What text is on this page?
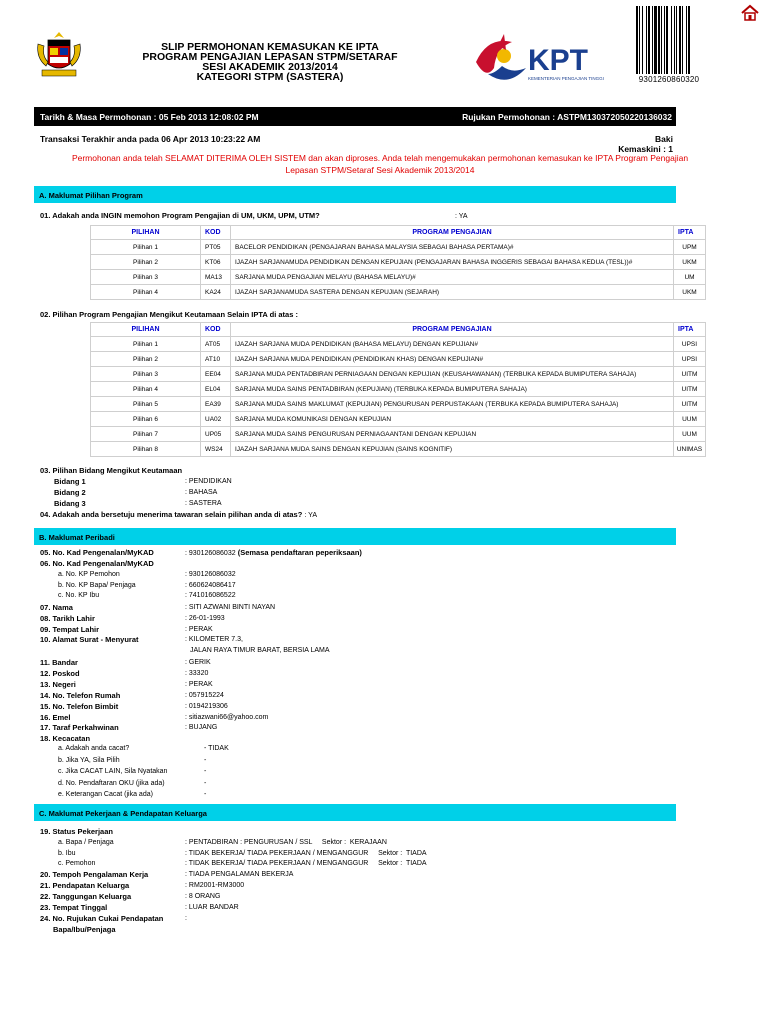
SLIP PERMOHONAN KEMASUKAN KE IPTA
PROGRAM PENGAJIAN LEPASAN STPM/SETARAF
SESI AKADEMIK 2013/2014
KATEGORI STPM (SASTERA)	KPT
KEMENTERIAN PENGAJIAN TINGGI	9301260860320
Tarikh & Masa Permohonan : 05 Feb 2013 12:08:02 PM	Rujukan Permohonan : ASTPM130372050220136032
Transaksi Terakhir anda pada 06 Apr 2013 10:23:22 AM	Baki Kemaskini : 1
Permohonan anda telah SELAMAT DITERIMA OLEH SISTEM dan akan diproses. Anda telah mengemukakan permohonan kemasukan ke IPTA Program Pengajian Lepasan STPM/Setaraf Sesi Akademik 2013/2014
A. Maklumat Pilihan Program
01. Adakah anda INGIN memohon Program Pengajian di UM, UKM, UPM, UTM?	: YA
PILIHAN	KOD	PROGRAM PENGAJIAN	IPTA
Pilihan 1	PT05	BACELOR PENDIDIKAN (PENGAJARAN BAHASA MALAYSIA SEBAGAI BAHASA PERTAMA)#	UPM
Pilihan 2	KT06	IJAZAH SARJANAMUDA PENDIDIKAN DENGAN KEPUJIAN (PENGAJARAN BAHASA INGGERIS SEBAGAI BAHASA KEDUA (TESL))#	UKM
Pilihan 3	MA13	SARJANA MUDA PENGAJIAN MELAYU (BAHASA MELAYU)#	UM
Pilihan 4	KA24	IJAZAH SARJANAMUDA SASTERA DENGAN KEPUJIAN (SEJARAH)	UKM
02. Pilihan Program Pengajian Mengikut Keutamaan Selain IPTA di atas :
PILIHAN	KOD	PROGRAM PENGAJIAN	IPTA
Pilihan 1	AT05	IJAZAH SARJANA MUDA PENDIDIKAN (BAHASA MELAYU) DENGAN KEPUJIAN#	UPSI
Pilihan 2	AT10	IJAZAH SARJANA MUDA PENDIDIKAN (PENDIDIKAN KHAS) DENGAN KEPUJIAN#	UPSI
Pilihan 3	EE04	SARJANA MUDA PENTADBIRAN PERNIAGAAN DENGAN KEPUJIAN (KEUSAHAWANAN) (TERBUKA KEPADA BUMIPUTERA SAHAJA)	UITM
Pilihan 4	EL04	SARJANA MUDA SAINS PENTADBIRAN (KEPUJIAN) (TERBUKA KEPADA BUMIPUTERA SAHAJA)	UITM
Pilihan 5	EA39	SARJANA MUDA SAINS MAKLUMAT (KEPUJIAN) PENGURUSAN PERPUSTAKAAN (TERBUKA KEPADA BUMIPUTERA SAHAJA)	UITM
Pilihan 6	UA02	SARJANA MUDA KOMUNIKASI DENGAN KEPUJIAN	UUM
Pilihan 7	UP05	SARJANA MUDA SAINS PENGURUSAN PERNIAGAANTANI DENGAN KEPUJIAN	UUM
Pilihan 8	WS24	IJAZAH SARJANA MUDA SAINS DENGAN KEPUJIAN (SAINS KOGNITIF)	UNIMAS
03. Pilihan Bidang Mengikut Keutamaan
Bidang 1	: PENDIDIKAN
Bidang 2	: BAHASA
Bidang 3	: SASTERA
04. Adakah anda bersetuju menerima tawaran selain pilihan anda di atas? : YA
B. Maklumat Peribadi
05. No. Kad Pengenalan/MyKAD	: 930126086032 (Semasa pendaftaran peperiksaan)
06. No. Kad Pengenalan/MyKAD
a. No. KP Pemohon	: 930126086032
b. No. KP Bapa/ Penjaga	: 660624086417
c. No. KP Ibu	: 741016086522
07. Nama	: SITI AZWANI BINTI NAYAN
08. Tarikh Lahir	: 26-01-1993
09. Tempat Lahir	: PERAK
10. Alamat Surat - Menyurat	: KILOMETER 7.3,
JALAN RAYA TIMUR BARAT, BERSIA LAMA
11. Bandar	: GERIK
12. Poskod	: 33320
13. Negeri	: PERAK
14. No. Telefon Rumah	: 057915224
15. No. Telefon Bimbit	: 0194219306
16. Emel	: sitiazwani66@yahoo.com
17. Taraf Perkahwinan	: BUJANG
18. Kecacatan
a. Adakah anda cacat?	- TIDAK
b. Jika YA, Sila Pilih	-
c. Jika CACAT LAIN, Sila Nyatakan	-
d. No. Pendaftaran OKU (jika ada)	-
e. Keterangan Cacat (jika ada)	-
C. Maklumat Pekerjaan & Pendapatan Keluarga
19. Status Pekerjaan
a. Bapa / Penjaga	: PENTADBIRAN : PENGURUSAN / SSL     Sektor :  KERAJAAN
b. Ibu	: TIDAK BEKERJA/ TIADA PEKERJAAN / MENGANGGUR     Sektor :  TIADA
c. Pemohon	: TIDAK BEKERJA/ TIADA PEKERJAAN / MENGANGGUR     Sektor :  TIADA
20. Tempoh Pengalaman Kerja	: TIADA PENGALAMAN BEKERJA
21. Pendapatan Keluarga	: RM2001-RM3000
22. Tanggungan Keluarga	: 8 ORANG
23. Tempat Tinggal	: LUAR BANDAR
24. No. Rujukan Cukai Pendapatan	:
Bapa/Ibu/Penjaga
